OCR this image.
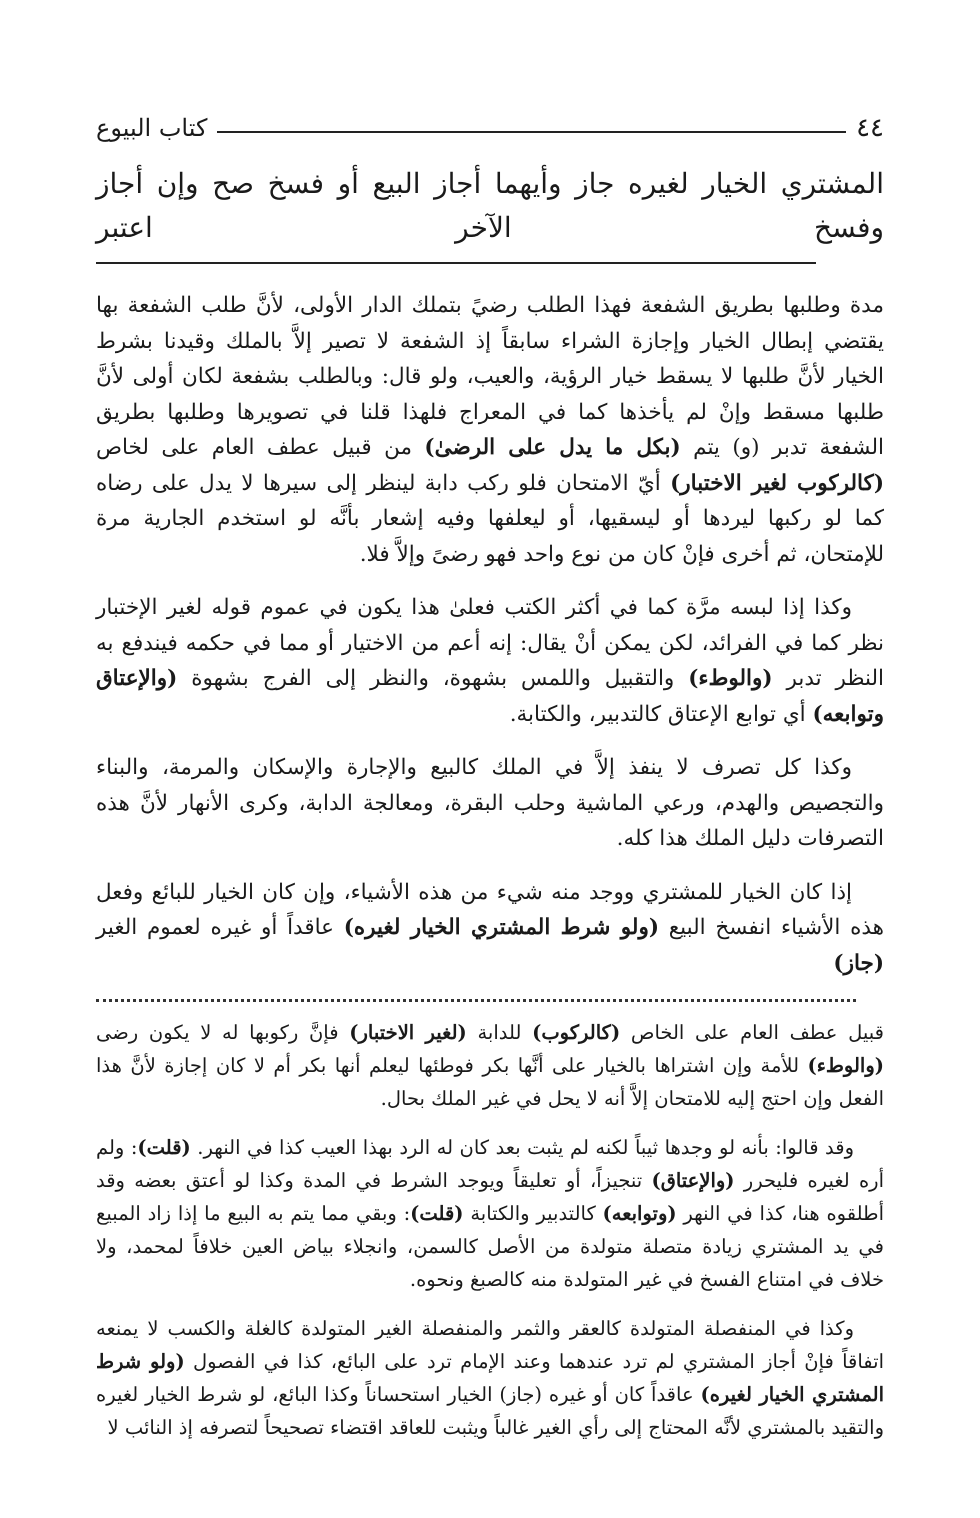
٤٤
كتاب البيوع
المشتري الخيار لغيره جاز وأيهما أجاز البيع أو فسخ صح وإن أجاز وفسخ الآخر اعتبر

مدة وطلبها بطريق الشفعة فهذا الطلب رضيً بتملك الدار الأولى، لأنَّ طلب الشفعة بها يقتضي إبطال الخيار وإجازة الشراء سابقاً إذ الشفعة لا تصير إلاَّ بالملك وقيدنا بشرط الخيار لأنَّ طلبها لا يسقط خيار الرؤية، والعيب، ولو قال: وبالطلب بشفعة لكان أولى لأنَّ طلبها مسقط وإنْ لم يأخذها كما في المعراج فلهذا قلنا في تصويرها وطلبها بطريق الشفعة تدبر (و) يتم (بكل ما يدل على الرضىٰ) من قبيل عطف العام على لخاص (كالركوب لغير الاختبار) أيّ الامتحان فلو ركب دابة لينظر إلى سيرها لا يدل على رضاه كما لو ركبها ليردها أو ليسقيها، أو ليعلفها وفيه إشعار بأنَّه لو استخدم الجارية مرة للإمتحان، ثم أخرى فإنْ كان من نوع واحد فهو رضىً وإلاَّ فلا.

وكذا إذا لبسه مرَّة كما في أكثر الكتب فعلىٰ هذا يكون في عموم قوله لغير الإختبار نظر كما في الفرائد، لكن يمكن أنْ يقال: إنه أعم من الاختيار أو مما في حكمه فيندفع به النظر تدبر (والوطء) والتقبيل واللمس بشهوة، والنظر إلى الفرج بشهوة (والإعتاق وتوابعه) أي توابع الإعتاق كالتدبير، والكتابة.

وكذا كل تصرف لا ينفذ إلاَّ في الملك كالبيع والإجارة والإسكان والمرمة، والبناء والتجصيص والهدم، ورعي الماشية وحلب البقرة، ومعالجة الدابة، وكرى الأنهار لأنَّ هذه التصرفات دليل الملك هذا كله.

إذا كان الخيار للمشتري ووجد منه شيء من هذه الأشياء، وإن كان الخيار للبائع وفعل هذه الأشياء انفسخ البيع (ولو شرط المشتري الخيار لغيره) عاقداً أو غيره لعموم الغير (جاز)

قبيل عطف العام على الخاص (كالركوب) للدابة (لغير الاختبار) فإنَّ ركوبها له لا يكون رضى (والوطء) للأمة وإن اشتراها بالخيار على أنَّها بكر فوطئها ليعلم أنها بكر أم لا كان إجازة لأنَّ هذا الفعل وإن احتج إليه للامتحان إلاَّ أنه لا يحل في غير الملك بحال.

وقد قالوا: بأنه لو وجدها ثيباً لكنه لم يثبت بعد كان له الرد بهذا العيب كذا في النهر. (قلت): ولم أره لغيره فليحرر (والإعتاق) تنجيزاً، أو تعليقاً ويوجد الشرط في المدة وكذا لو أعتق بعضه وقد أطلقوه هنا، كذا في النهر (وتوابعه) كالتدبير والكتابة (قلت): وبقي مما يتم به البيع ما إذا زاد المبيع في يد المشتري زيادة متصلة متولدة من الأصل كالسمن، وانجلاء بياض العين خلافاً لمحمد، ولا خلاف في امتناع الفسخ في غير المتولدة منه كالصبغ ونحوه.

وكذا في المنفصلة المتولدة كالعقر والثمر والمنفصلة الغير المتولدة كالغلة والكسب لا يمنعه اتفاقاً فإنْ أجاز المشتري لم ترد عندهما وعند الإمام ترد على البائع، كذا في الفصول (ولو شرط المشتري الخيار لغيره) عاقداً كان أو غيره (جاز) الخيار استحساناً وكذا البائع، لو شرط الخيار لغيره والتقيد بالمشتري لأنَّه المحتاج إلى رأي الغير غالباً ويثبت للعاقد اقتضاء تصحيحاً لتصرفه إذ النائب لا
